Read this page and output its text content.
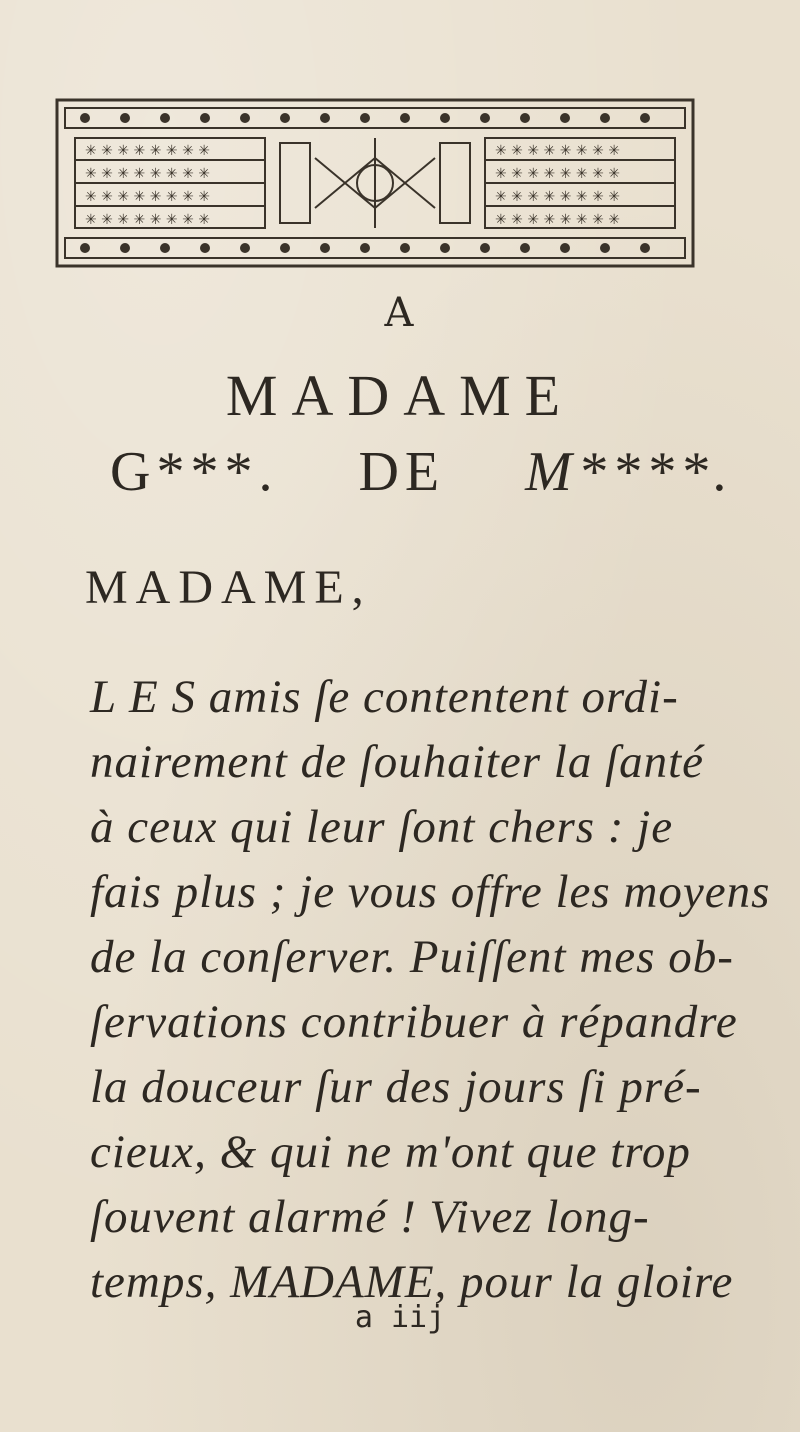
✳ ✳ ✳ ✳ ✳ ✳ ✳ ✳
✳ ✳ ✳ ✳ ✳ ✳ ✳ ✳
✳ ✳ ✳ ✳ ✳ ✳ ✳ ✳
✳ ✳ ✳ ✳ ✳ ✳ ✳ ✳
✳ ✳ ✳ ✳ ✳ ✳ ✳ ✳
✳ ✳ ✳ ✳ ✳ ✳ ✳ ✳
✳ ✳ ✳ ✳ ✳ ✳ ✳ ✳
✳ ✳ ✳ ✳ ✳ ✳ ✳ ✳
A
MADAME
G***. DE M****.
MADAME,
L E S amis ſe contentent ordi-
nairement de ſouhaiter la ſanté
à ceux qui leur ſont chers : je
fais plus ; je vous offre les moyens
de la conſerver. Puiſſent mes ob-
ſervations contribuer à répandre
la douceur ſur des jours ſi pré-
cieux, & qui ne m'ont que trop
ſouvent alarmé ! Vivez long-
temps, MADAME, pour la gloire
a iij
